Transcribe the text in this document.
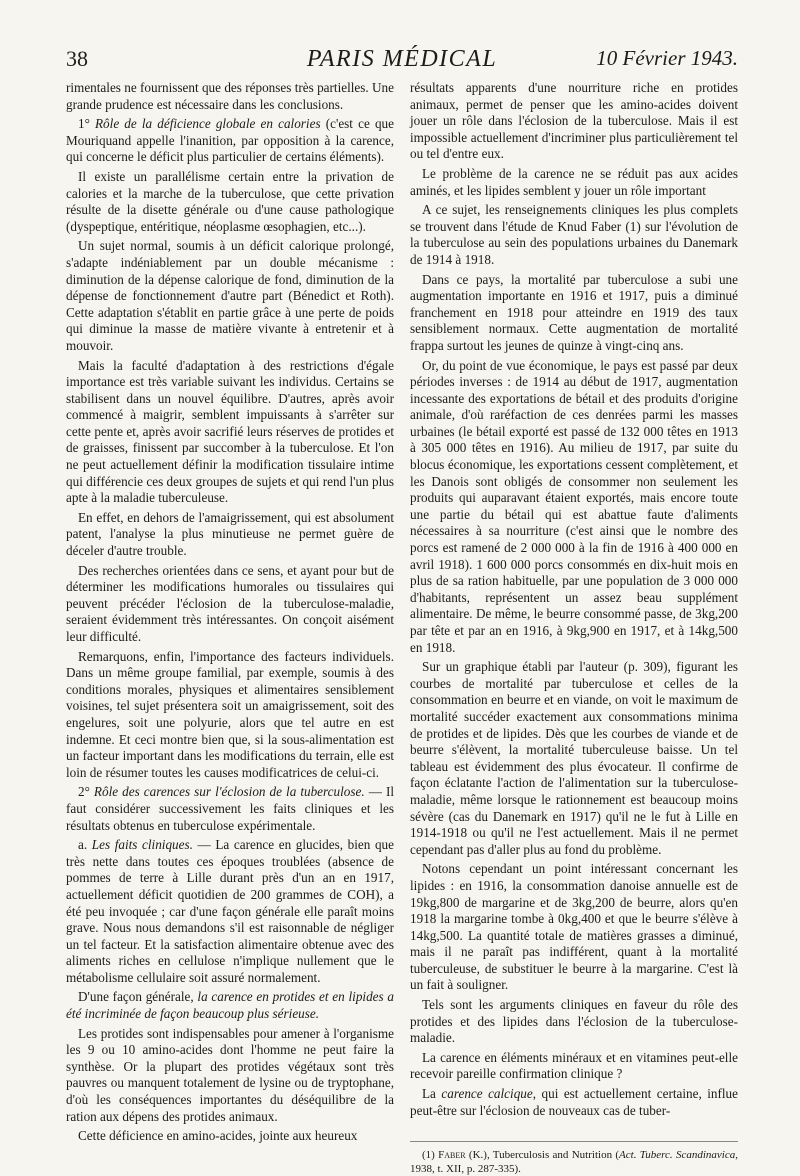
38	PARIS MÉDICAL	10 Février 1943.

rimentales ne fournissent que des réponses très partielles. Une grande prudence est nécessaire dans les conclusions.

1° Rôle de la déficience globale en calories (c'est ce que Mouriquand appelle l'inanition, par opposition à la carence, qui concerne le déficit plus particulier de certains éléments).

Il existe un parallélisme certain entre la privation de calories et la marche de la tuberculose, que cette privation résulte de la disette générale ou d'une cause pathologique (dyspeptique, entéritique, néoplasme œsophagien, etc...).

Un sujet normal, soumis à un déficit calorique prolongé, s'adapte indéniablement par un double mécanisme : diminution de la dépense calorique de fond, diminution de la dépense de fonctionnement d'autre part (Bénedict et Roth). Cette adaptation s'établit en partie grâce à une perte de poids qui diminue la masse de matière vivante à entretenir et à mouvoir.

Mais la faculté d'adaptation à des restrictions d'égale importance est très variable suivant les individus. Certains se stabilisent dans un nouvel équilibre. D'autres, après avoir commencé à maigrir, semblent impuissants à s'arrêter sur cette pente et, après avoir sacrifié leurs réserves de protides et de graisses, finissent par succomber à la tuberculose. Et l'on ne peut actuellement définir la modification tissulaire intime qui différencie ces deux groupes de sujets et qui rend l'un plus apte à la maladie tuberculeuse.

En effet, en dehors de l'amaigrissement, qui est absolument patent, l'analyse la plus minutieuse ne permet guère de déceler d'autre trouble.

Des recherches orientées dans ce sens, et ayant pour but de déterminer les modifications humorales ou tissulaires qui peuvent précéder l'éclosion de la tuberculose-maladie, seraient évidemment très intéressantes. On conçoit aisément leur difficulté.

Remarquons, enfin, l'importance des facteurs individuels. Dans un même groupe familial, par exemple, soumis à des conditions morales, physiques et alimentaires sensiblement voisines, tel sujet présentera soit un amaigrissement, soit des engelures, soit une polyurie, alors que tel autre en est indemne. Et ceci montre bien que, si la sous-alimentation est un facteur important dans les modifications du terrain, elle est loin de résumer toutes les causes modificatrices de celui-ci.

2° Rôle des carences sur l'éclosion de la tuberculose. — Il faut considérer successivement les faits cliniques et les résultats obtenus en tuberculose expérimentale.

a. Les faits cliniques. — La carence en glucides, bien que très nette dans toutes ces époques troublées (absence de pommes de terre à Lille durant près d'un an en 1917, actuellement déficit quotidien de 200 grammes de COH), a été peu invoquée ; car d'une façon générale elle paraît moins grave. Nous nous demandons s'il est raisonnable de négliger un tel facteur. Et la satisfaction alimentaire obtenue avec des aliments riches en cellulose n'implique nullement que le métabolisme cellulaire soit assuré normalement.

D'une façon générale, la carence en protides et en lipides a été incriminée de façon beaucoup plus sérieuse.

Les protides sont indispensables pour amener à l'organisme les 9 ou 10 amino-acides dont l'homme ne peut faire la synthèse. Or la plupart des protides végétaux sont très pauvres ou manquent totalement de lysine ou de tryptophane, d'où les conséquences importantes du déséquilibre de la ration aux dépens des protides animaux.

Cette déficience en amino-acides, jointe aux heureux

résultats apparents d'une nourriture riche en protides animaux, permet de penser que les amino-acides doivent jouer un rôle dans l'éclosion de la tuberculose. Mais il est impossible actuellement d'incriminer plus particulièrement tel ou tel d'entre eux.

Le problème de la carence ne se réduit pas aux acides aminés, et les lipides semblent y jouer un rôle important

A ce sujet, les renseignements cliniques les plus complets se trouvent dans l'étude de Knud Faber (1) sur l'évolution de la tuberculose au sein des populations urbaines du Danemark de 1914 à 1918.

Dans ce pays, la mortalité par tuberculose a subi une augmentation importante en 1916 et 1917, puis a diminué franchement en 1918 pour atteindre en 1919 des taux sensiblement normaux. Cette augmentation de mortalité frappa surtout les jeunes de quinze à vingt-cinq ans.

Or, du point de vue économique, le pays est passé par deux périodes inverses : de 1914 au début de 1917, augmentation incessante des exportations de bétail et des produits d'origine animale, d'où raréfaction de ces denrées parmi les masses urbaines (le bétail exporté est passé de 132 000 têtes en 1913 à 305 000 têtes en 1916). Au milieu de 1917, par suite du blocus économique, les exportations cessent complètement, et les Danois sont obligés de consommer non seulement les produits qui auparavant étaient exportés, mais encore toute une partie du bétail qui est abattue faute d'aliments nécessaires à sa nourriture (c'est ainsi que le nombre des porcs est ramené de 2 000 000 à la fin de 1916 à 400 000 en avril 1918). 1 600 000 porcs consommés en dix-huit mois en plus de sa ration habituelle, par une population de 3 000 000 d'habitants, représentent un assez beau supplément alimentaire. De même, le beurre consommé passe, de 3kg,200 par tête et par an en 1916, à 9kg,900 en 1917, et à 14kg,500 en 1918.

Sur un graphique établi par l'auteur (p. 309), figurant les courbes de mortalité par tuberculose et celles de la consommation en beurre et en viande, on voit le maximum de mortalité succéder exactement aux consommations minima de protides et de lipides. Dès que les courbes de viande et de beurre s'élèvent, la mortalité tuberculeuse baisse. Un tel tableau est évidemment des plus évocateur. Il confirme de façon éclatante l'action de l'alimentation sur la tuberculose-maladie, même lorsque le rationnement est beaucoup moins sévère (cas du Danemark en 1917) qu'il ne le fut à Lille en 1914-1918 ou qu'il ne l'est actuellement. Mais il ne permet cependant pas d'aller plus au fond du problème.

Notons cependant un point intéressant concernant les lipides : en 1916, la consommation danoise annuelle est de 19kg,800 de margarine et de 3kg,200 de beurre, alors qu'en 1918 la margarine tombe à 0kg,400 et que le beurre s'élève à 14kg,500. La quantité totale de matières grasses a diminué, mais il ne paraît pas indifférent, quant à la mortalité tuberculeuse, de substituer le beurre à la margarine. C'est là un fait à souligner.

Tels sont les arguments cliniques en faveur du rôle des protides et des lipides dans l'éclosion de la tuberculose-maladie.

La carence en éléments minéraux et en vitamines peut-elle recevoir pareille confirmation clinique ?

La carence calcique, qui est actuellement certaine, influe peut-être sur l'éclosion de nouveaux cas de tuber-

(1) Faber (K.), Tuberculosis and Nutrition (Act. Tuberc. Scandinavica, 1938, t. XII, p. 287-335).
